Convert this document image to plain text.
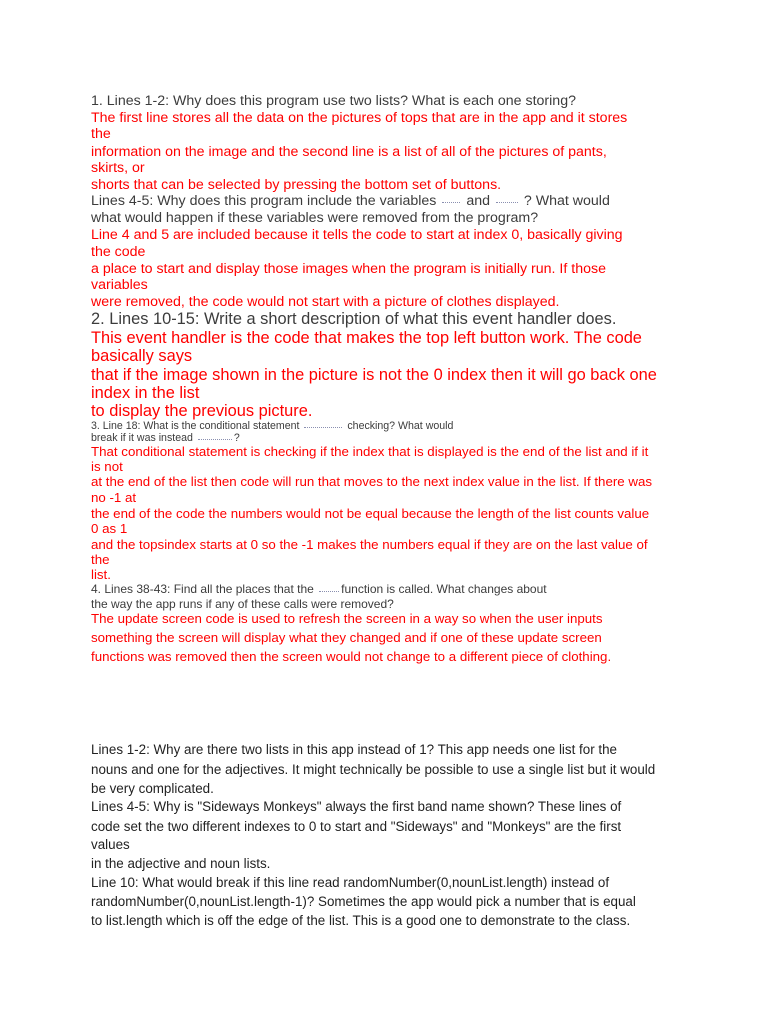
1. Lines 1-2: Why does this program use two lists? What is each one storing?

The first line stores all the data on the pictures of tops that are in the app and it stores

the

information on the image and the second line is a list of all of the pictures of pants,

skirts, or

shorts that can be selected by pressing the bottom set of buttons.

Lines 4-5: Why does this program include the variables and ? What would

what would happen if these variables were removed from the program?

Line 4 and 5 are included because it tells the code to start at index 0, basically giving

the code

a place to start and display those images when the program is initially run. If those

variables

were removed, the code would not start with a picture of clothes displayed.

2. Lines 10-15: Write a short description of what this event handler does.

This event handler is the code that makes the top left button work. The code

basically says

that if the image shown in the picture is not the 0 index then it will go back one

index in the list

to display the previous picture.

3. Line 18: What is the conditional statement	checking? What would

break if it was instead	?

That conditional statement is checking if the index that is displayed is the end of the list and if it

is not

at the end of the list then code will run that moves to the next index value in the list. If there was

no -1 at

the end of the code the numbers would not be equal because the length of the list counts value

0 as 1

and the topsindex starts at 0 so the -1 makes the numbers equal if they are on the last value of

the

list.

4. Lines 38-43: Find all the places that the function is called. What changes about

the way the app runs if any of these calls were removed?

The update screen code is used to refresh the screen in a way so when the user inputs

something the screen will display what they changed and if one of these update screen

functions was removed then the screen would not change to a different piece of clothing.

Lines 1-2: Why are there two lists in this app instead of 1? This app needs one list for the

nouns and one for the adjectives. It might technically be possible to use a single list but it would

be very complicated.

Lines 4-5: Why is "Sideways Monkeys" always the first band name shown? These lines of

code set the two different indexes to 0 to start and "Sideways" and "Monkeys" are the first

values

in the adjective and noun lists.

Line 10: What would break if this line read randomNumber(0,nounList.length) instead of

randomNumber(0,nounList.length-1)? Sometimes the app would pick a number that is equal

to list.length which is off the edge of the list. This is a good one to demonstrate to the class.
